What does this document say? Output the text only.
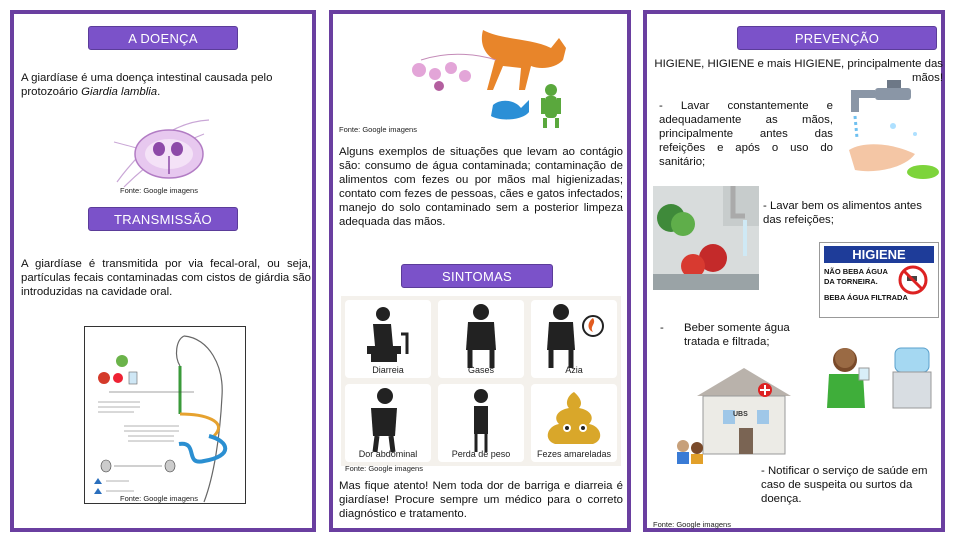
A DOENÇA
A giardíase é uma doença intestinal causada pelo protozoário Giardia lamblia.
Fonte: Google imagens
TRANSMISSÃO
A giardíase é transmitida por via fecal-oral, ou seja, partículas fecais contaminadas com cistos de giárdia são introduzidas na cavidade oral.
Fonte: Google imagens
Fonte: Google imagens
Alguns exemplos de situações que levam ao contágio são: consumo de água contaminada; contaminação de alimentos com fezes ou por mãos mal higienizadas; contato com fezes de pessoas, cães e gatos infectados; manejo do solo contaminado sem a posterior limpeza adequada das mãos.
SINTOMAS
Diarreia	Gases	Azia
Dor abdominal	Perda de peso	Fezes amareladas
Fonte: Google imagens
Mas fique atento! Nem toda dor de barriga e diarreia é giardíase! Procure sempre um médico para o correto diagnóstico e tratamento.
PREVENÇÃO
HIGIENE, HIGIENE e mais HIGIENE, principalmente das mãos!
- Lavar constantemente e adequadamente as mãos, principalmente antes das refeições e após o uso do sanitário;
- Lavar bem os alimentos antes das refeições;
HIGIENE
NÃO BEBA ÁGUA DA TORNEIRA.
BEBA ÁGUA FILTRADA
- Beber somente água tratada e filtrada;
UBS
- Notificar o serviço de saúde em caso de suspeita ou surtos da doença.
Fonte: Google imagens
